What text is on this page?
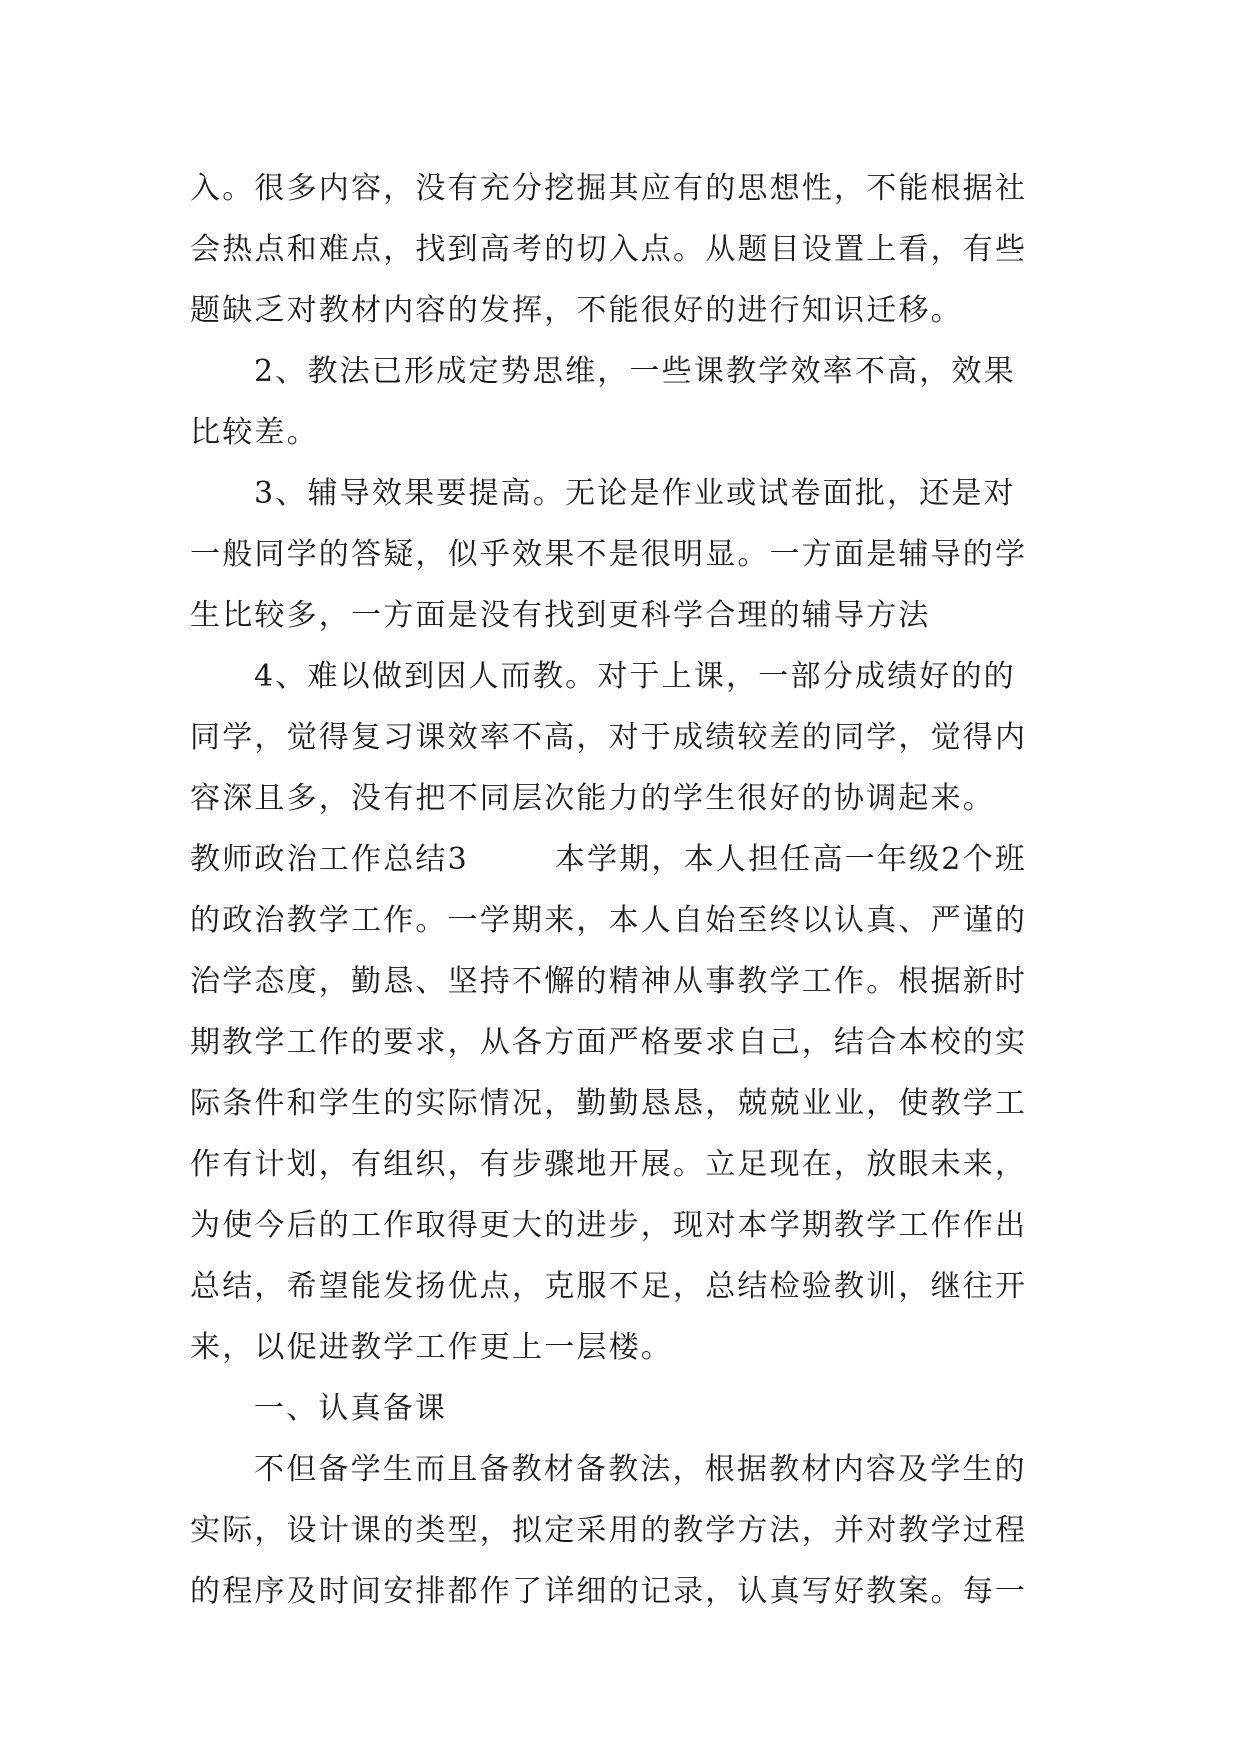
入。很多内容，没有充分挖掘其应有的思想性，不能根据社
会热点和难点，找到高考的切入点。从题目设置上看，有些
题缺乏对教材内容的发挥，不能很好的进行知识迁移。
2、教法已形成定势思维，一些课教学效率不高，效果
比较差。
3、辅导效果要提高。无论是作业或试卷面批，还是对
一般同学的答疑，似乎效果不是很明显。一方面是辅导的学
生比较多，一方面是没有找到更科学合理的辅导方法
4、难以做到因人而教。对于上课，一部分成绩好的的
同学，觉得复习课效率不高，对于成绩较差的同学，觉得内
容深且多，没有把不同层次能力的学生很好的协调起来。
教师政治工作总结3	本学期，本人担任高一年级2个班
的政治教学工作。一学期来，本人自始至终以认真、严谨的
治学态度，勤恳、坚持不懈的精神从事教学工作。根据新时
期教学工作的要求，从各方面严格要求自己，结合本校的实
际条件和学生的实际情况，勤勤恳恳，兢兢业业，使教学工
作有计划，有组织，有步骤地开展。立足现在，放眼未来，
为使今后的工作取得更大的进步，现对本学期教学工作作出
总结，希望能发扬优点，克服不足，总结检验教训，继往开
来，以促进教学工作更上一层楼。
一、认真备课
不但备学生而且备教材备教法，根据教材内容及学生的
实际，设计课的类型，拟定采用的教学方法，并对教学过程
的程序及时间安排都作了详细的记录，认真写好教案。每一
